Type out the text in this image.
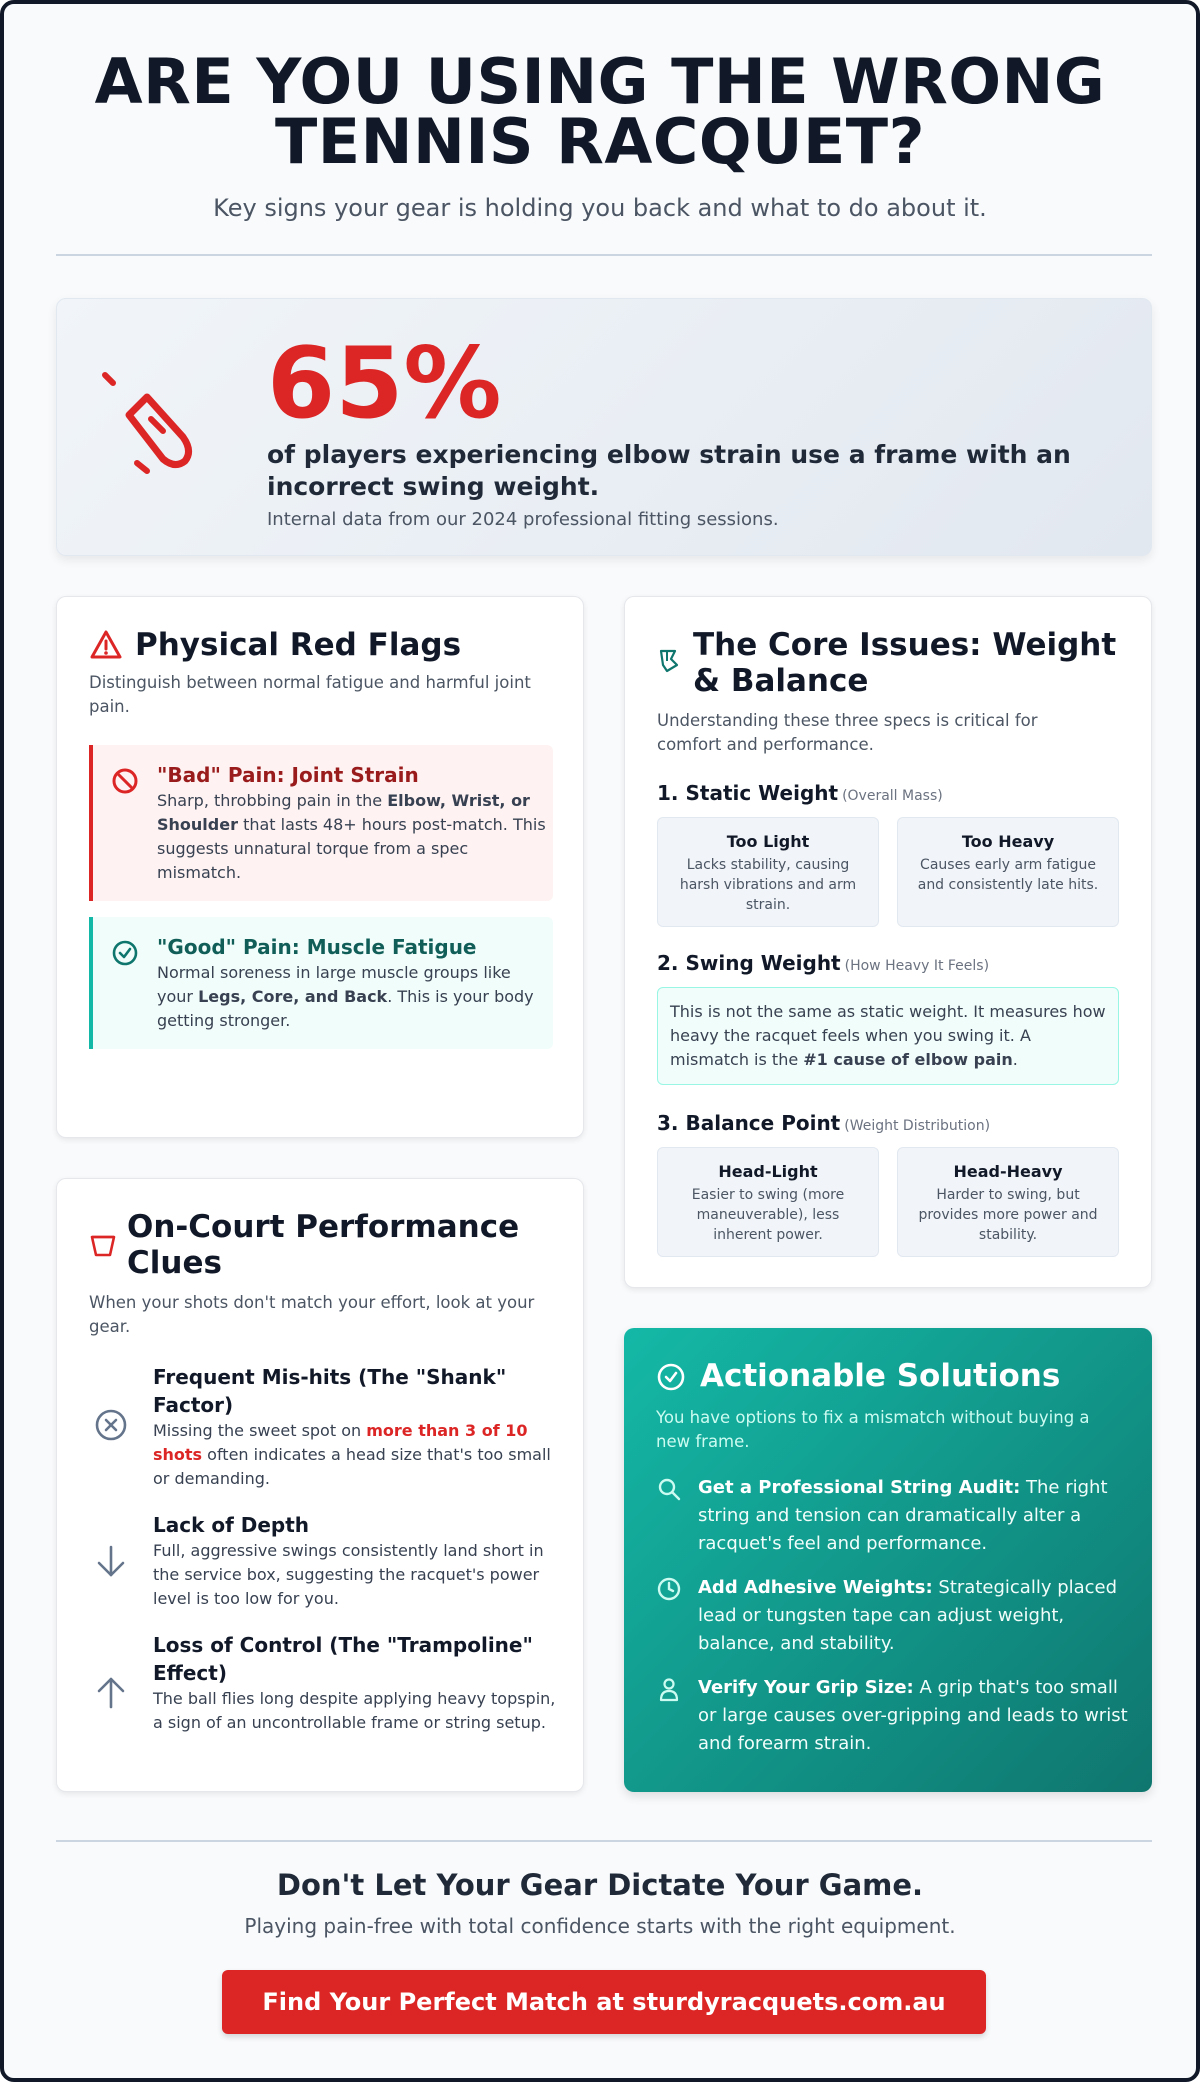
ARE YOU USING THE WRONG
TENNIS RACQUET?
Key signs your gear is holding you back and what to do about it.
65%
of players experiencing elbow strain use a frame with an incorrect swing weight.
Internal data from our 2024 professional fitting sessions.
Physical Red Flags
Distinguish between normal fatigue and harmful joint pain.
"Bad" Pain: Joint Strain
Sharp, throbbing pain in the Elbow, Wrist, or Shoulder that lasts 48+ hours post-match. This suggests unnatural torque from a spec mismatch.
"Good" Pain: Muscle Fatigue
Normal soreness in large muscle groups like your Legs, Core, and Back. This is your body getting stronger.
The Core Issues: Weight & Balance
Understanding these three specs is critical for comfort and performance.
1. Static Weight (Overall Mass)
Too Light
Lacks stability, causing harsh vibrations and arm strain.
Too Heavy
Causes early arm fatigue and consistently late hits.
2. Swing Weight (How Heavy It Feels)
This is not the same as static weight. It measures how heavy the racquet feels when you swing it. A mismatch is the #1 cause of elbow pain.
3. Balance Point (Weight Distribution)
Head-Light
Easier to swing (more maneuverable), less inherent power.
Head-Heavy
Harder to swing, but provides more power and stability.
On-Court Performance
Clues
When your shots don't match your effort, look at your gear.
Frequent Mis-hits (The "Shank" Factor)
Missing the sweet spot on more than 3 of 10 shots often indicates a head size that's too small or demanding.
Lack of Depth
Full, aggressive swings consistently land short in the service box, suggesting the racquet's power level is too low for you.
Loss of Control (The "Trampoline" Effect)
The ball flies long despite applying heavy topspin, a sign of an uncontrollable frame or string setup.
Actionable Solutions
You have options to fix a mismatch without buying a new frame.
Get a Professional String Audit: The right string and tension can dramatically alter a racquet's feel and performance.
Add Adhesive Weights: Strategically placed lead or tungsten tape can adjust weight, balance, and stability.
Verify Your Grip Size: A grip that's too small or large causes over-gripping and leads to wrist and forearm strain.
Don't Let Your Gear Dictate Your Game.
Playing pain-free with total confidence starts with the right equipment.
Find Your Perfect Match at sturdyracquets.com.au
